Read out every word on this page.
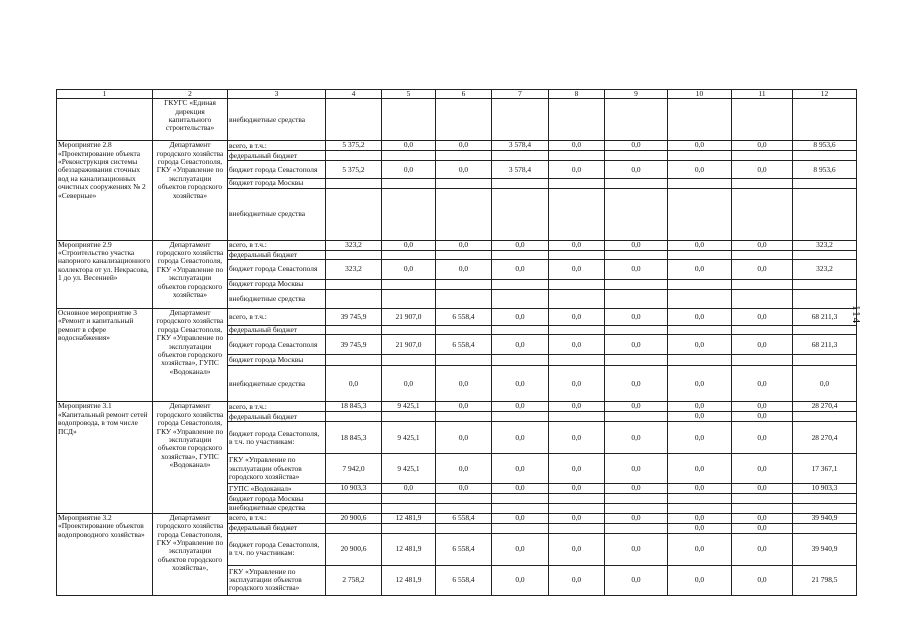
114
1	2	3	4	5	6	7	8	9	10	11	12
	ГКУГС «Единая дирекция капитального строительства»	внебюджетные средства									
Мероприятие 2.8 «Проектирование объекта «Реконструкция системы обеззараживания сточных вод на канализационных очистных сооружениях № 2 «Северные»	Департамент городского хозяйства города Севастополя, ГКУ «Управление по эксплуатации объектов городского хозяйства»	всего, в т.ч.:	5 375,2	0,0	0,0	3 578,4	0,0	0,0	0,0	0,0	8 953,6
		федеральный бюджет									
		бюджет города Севастополя	5 375,2	0,0	0,0	3 578,4	0,0	0,0	0,0	0,0	8 953,6
		бюджет города Москвы									
		внебюджетные средства									
Мероприятие 2.9 «Строительство участка напорного канализационного коллектора от ул. Некрасова, 1 до ул. Весенней»	Департамент городского хозяйства города Севастополя, ГКУ «Управление по эксплуатации объектов городского хозяйства»	всего, в т.ч.:	323,2	0,0	0,0	0,0	0,0	0,0	0,0	0,0	323,2
		федеральный бюджет									
		бюджет города Севастополя	323,2	0,0	0,0	0,0	0,0	0,0	0,0	0,0	323,2
		бюджет города Москвы									
		внебюджетные средства									
Основное мероприятие 3 «Ремонт и капитальный ремонт в сфере водоснабжения»	Департамент городского хозяйства города Севастополя, ГКУ «Управление по эксплуатации объектов городского хозяйства», ГУПС «Водоканал»	всего, в т.ч.:	39 745,9	21 907,0	6 558,4	0,0	0,0	0,0	0,0	0,0	68 211,3
		федеральный бюджет									
		бюджет города Севастополя	39 745,9	21 907,0	6 558,4	0,0	0,0	0,0	0,0	0,0	68 211,3
		бюджет города Москвы									
		внебюджетные средства	0,0	0,0	0,0	0,0	0,0	0,0	0,0	0,0	0,0
Мероприятие 3.1 «Капитальный ремонт сетей водопровода, в том числе ПСД»	Департамент городского хозяйства города Севастополя, ГКУ «Управление по эксплуатации объектов городского хозяйства», ГУПС «Водоканал»	всего, в т.ч.:	18 845,3	9 425,1	0,0	0,0	0,0	0,0	0,0	0,0	28 270,4
		федеральный бюджет							0,0	0,0	
		бюджет города Севастополя, в т.ч. по участникам:	18 845,3	9 425,1	0,0	0,0	0,0	0,0	0,0	0,0	28 270,4
		ГКУ «Управление по эксплуатации объектов городского хозяйства»	7 942,0	9 425,1	0,0	0,0	0,0	0,0	0,0	0,0	17 367,1
		ГУПС «Водоканал»	10 903,3	0,0	0,0	0,0	0,0	0,0	0,0	0,0	10 903,3
		бюджет города Москвы									
		внебюджетные средства									
Мероприятие 3.2 «Проектирование объектов водопроводного хозяйства»	Департамент городского хозяйства города Севастополя, ГКУ «Управление по эксплуатации объектов городского хозяйства»,	всего, в т.ч.:	20 900,6	12 481,9	6 558,4	0,0	0,0	0,0	0,0	0,0	39 940,9
		федеральный бюджет							0,0	0,0	
		бюджет города Севастополя, в т.ч. по участникам:	20 900,6	12 481,9	6 558,4	0,0	0,0	0,0	0,0	0,0	39 940,9
		ГКУ «Управление по эксплуатации объектов городского хозяйства»	2 758,2	12 481,9	6 558,4	0,0	0,0	0,0	0,0	0,0	21 798,5
